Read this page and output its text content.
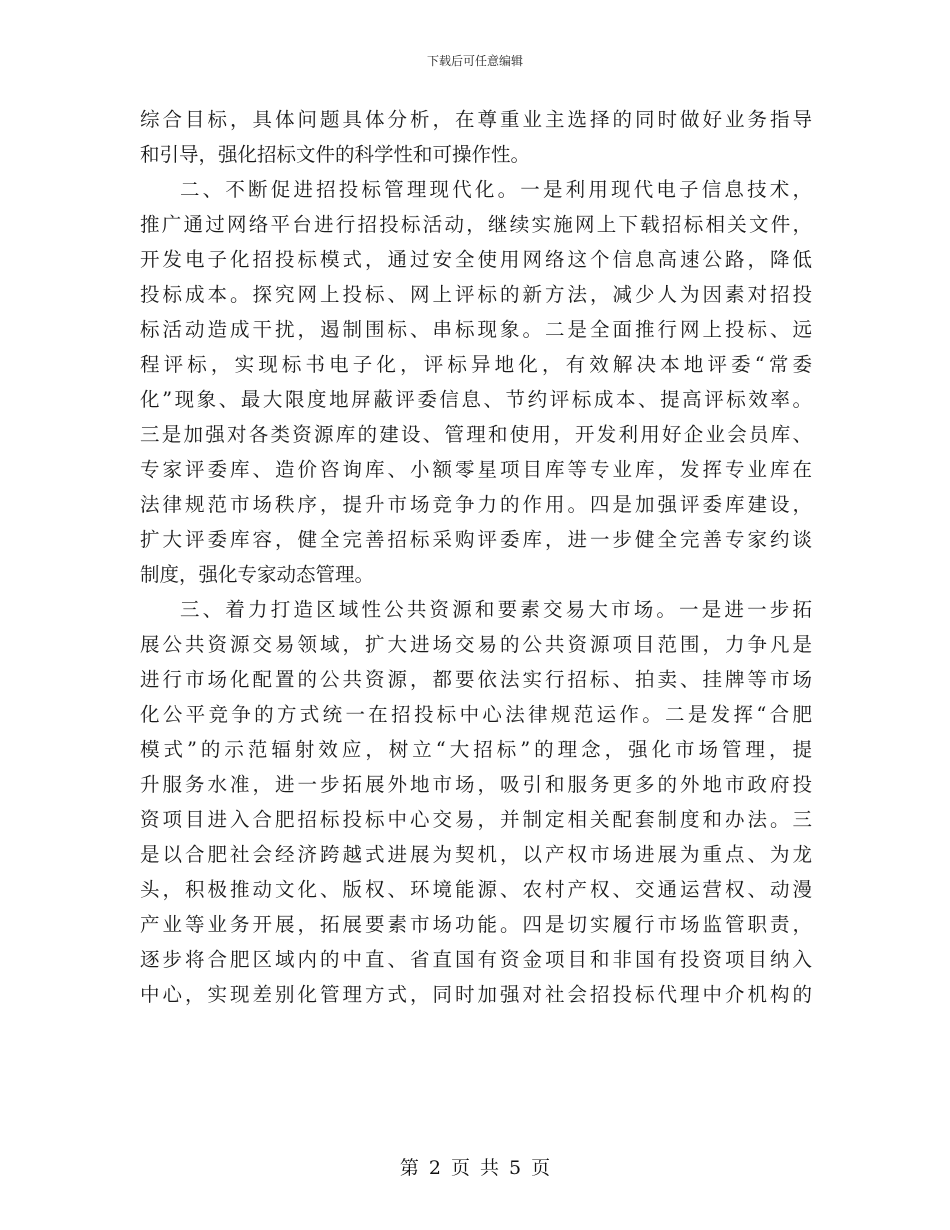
下载后可任意编辑
综合目标，具体问题具体分析，在尊重业主选择的同时做好业务指导
和引导，强化招标文件的科学性和可操作性。
二、不断促进招投标管理现代化。一是利用现代电子信息技术，
推广通过网络平台进行招投标活动，继续实施网上下载招标相关文件，
开发电子化招投标模式，通过安全使用网络这个信息高速公路，降低
投标成本。探究网上投标、网上评标的新方法，减少人为因素对招投
标活动造成干扰，遏制围标、串标现象。二是全面推行网上投标、远
程评标，实现标书电子化，评标异地化，有效解决本地评委“常委
化”现象、最大限度地屏蔽评委信息、节约评标成本、提高评标效率。
三是加强对各类资源库的建设、管理和使用，开发利用好企业会员库、
专家评委库、造价咨询库、小额零星项目库等专业库，发挥专业库在
法律规范市场秩序，提升市场竞争力的作用。四是加强评委库建设，
扩大评委库容，健全完善招标采购评委库，进一步健全完善专家约谈
制度，强化专家动态管理。
三、着力打造区域性公共资源和要素交易大市场。一是进一步拓
展公共资源交易领域，扩大进场交易的公共资源项目范围，力争凡是
进行市场化配置的公共资源，都要依法实行招标、拍卖、挂牌等市场
化公平竞争的方式统一在招投标中心法律规范运作。二是发挥“合肥
模式”的示范辐射效应，树立“大招标”的理念，强化市场管理，提
升服务水准，进一步拓展外地市场，吸引和服务更多的外地市政府投
资项目进入合肥招标投标中心交易，并制定相关配套制度和办法。三
是以合肥社会经济跨越式进展为契机，以产权市场进展为重点、为龙
头，积极推动文化、版权、环境能源、农村产权、交通运营权、动漫
产业等业务开展，拓展要素市场功能。四是切实履行市场监管职责，
逐步将合肥区域内的中直、省直国有资金项目和非国有投资项目纳入
中心，实现差别化管理方式，同时加强对社会招投标代理中介机构的
第 2 页 共 5 页
